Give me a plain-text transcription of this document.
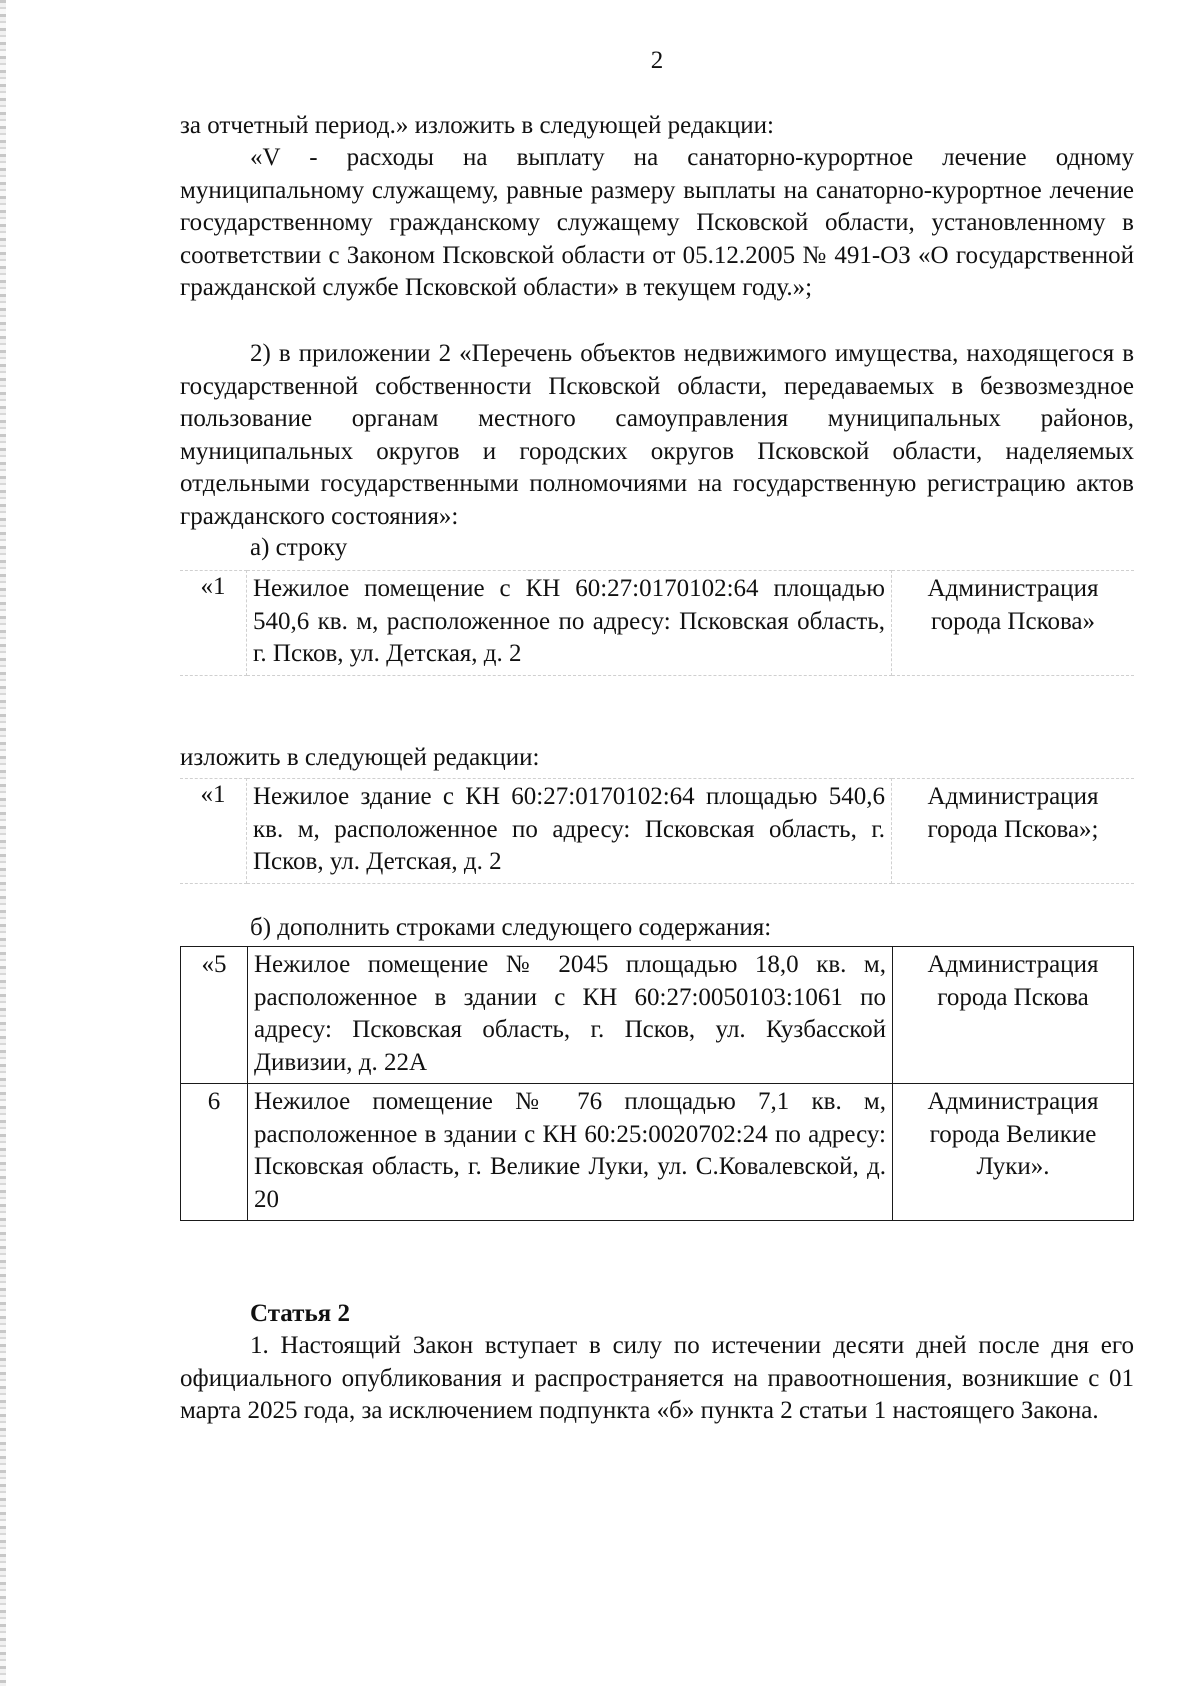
2

за отчетный период.» изложить в следующей редакции:

«V - расходы на выплату на санаторно-курортное лечение одному муниципальному служащему, равные размеру выплаты на санаторно-курортное лечение государственному гражданскому служащему Псковской области, установленному в соответствии с Законом Псковской области от 05.12.2005 № 491-ОЗ «О государственной гражданской службе Псковской области» в текущем году.»;

2) в приложении 2 «Перечень объектов недвижимого имущества, находящегося в государственной собственности Псковской области, передаваемых в безвозмездное пользование органам местного самоуправления муниципальных районов, муниципальных округов и городских округов Псковской области, наделяемых отдельными государственными полномочиями на государственную регистрацию актов гражданского состояния»:

а) строку

«1	Нежилое помещение с КН 60:27:0170102:64 площадью 540,6 кв. м, расположенное по адресу: Псковская область, г. Псков, ул. Детская, д. 2	Администрация города Пскова»

изложить в следующей редакции:

«1	Нежилое здание с КН 60:27:0170102:64 площадью 540,6 кв. м, расположенное по адресу: Псковская область, г. Псков, ул. Детская, д. 2	Администрация города Пскова»;

б) дополнить строками следующего содержания:

«5	Нежилое помещение № 2045 площадью 18,0 кв. м, расположенное в здании с КН 60:27:0050103:1061 по адресу: Псковская область, г. Псков, ул. Кузбасской Дивизии, д. 22А	Администрация города Пскова
6	Нежилое помещение № 76 площадью 7,1 кв. м, расположенное в здании с КН 60:25:0020702:24 по адресу: Псковская область, г. Великие Луки, ул. С.Ковалевской, д. 20	Администрация города Великие Луки».
Статья 2

1. Настоящий Закон вступает в силу по истечении десяти дней после дня его официального опубликования и распространяется на правоотношения, возникшие с 01 марта 2025 года, за исключением подпункта «б» пункта 2 статьи 1 настоящего Закона.
